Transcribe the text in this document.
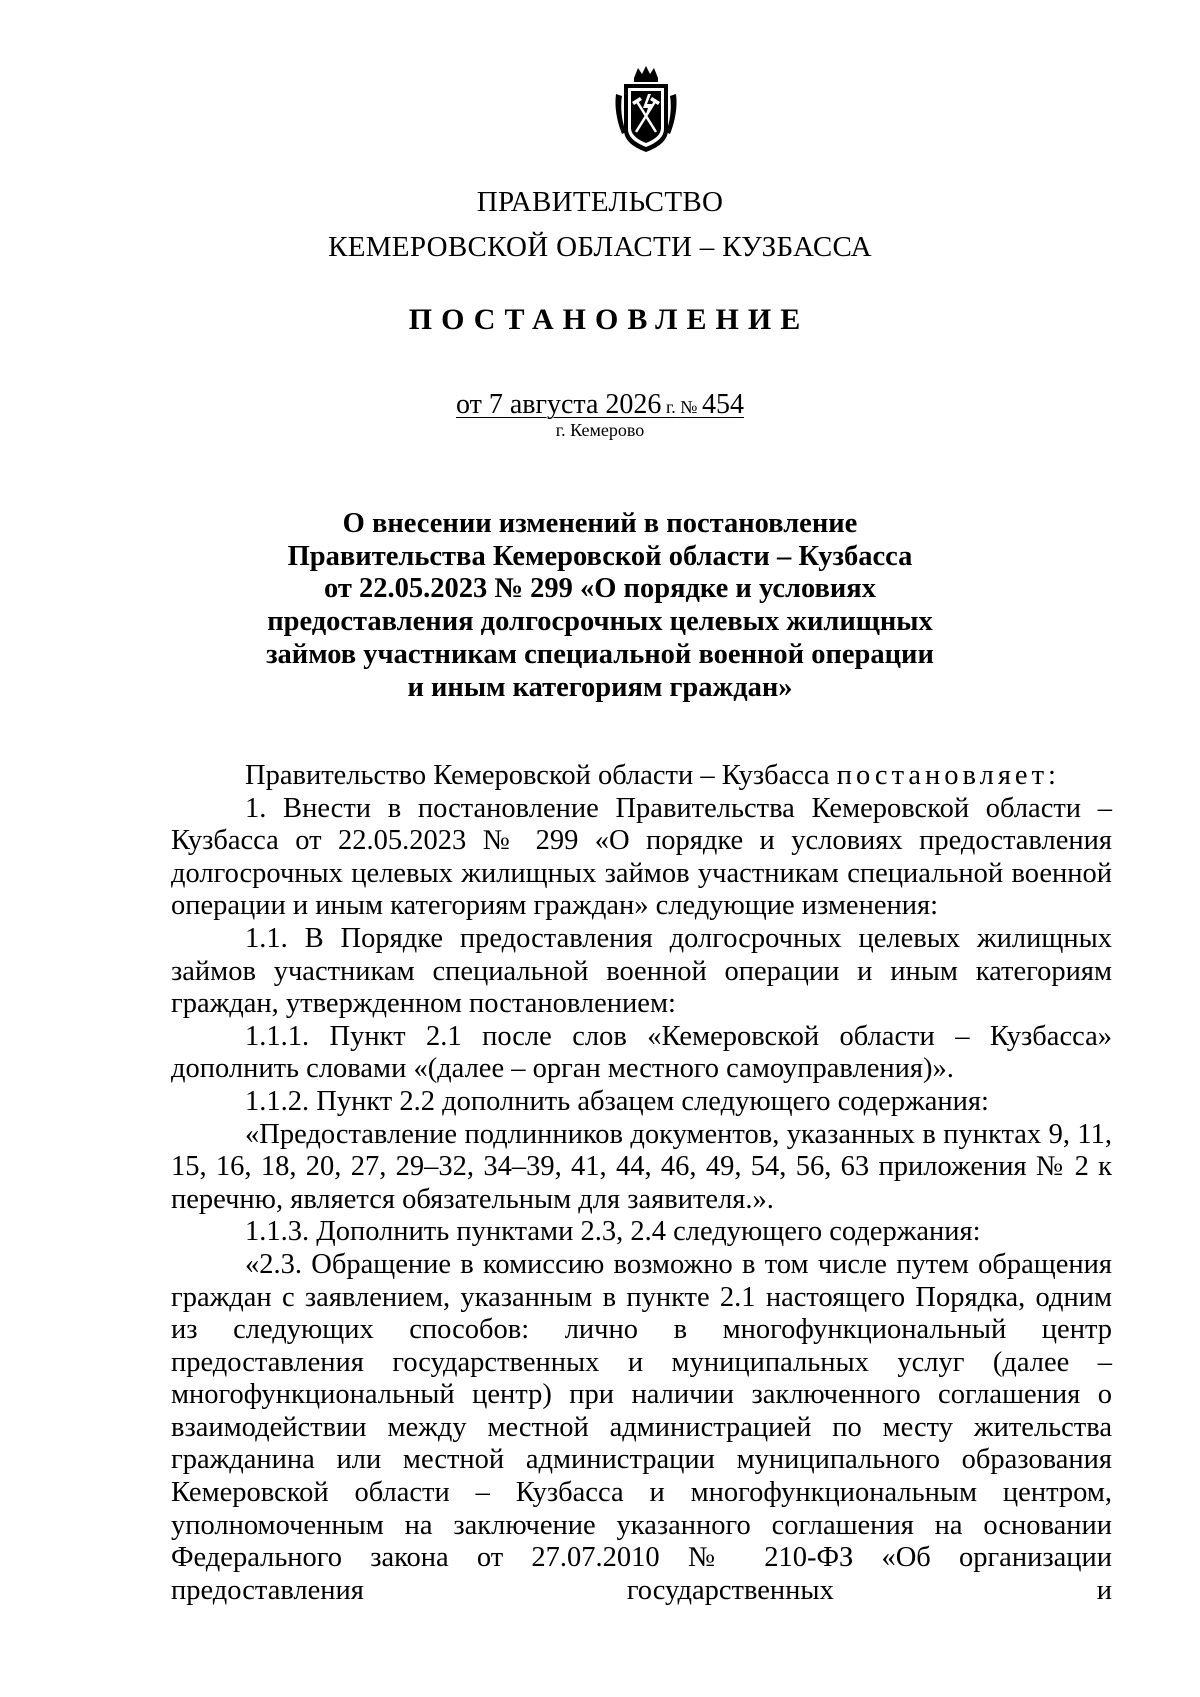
ПРАВИТЕЛЬСТВО
КЕМЕРОВСКОЙ ОБЛАСТИ – КУЗБАССА
ПОСТАНОВЛЕНИЕ
от 7 августа 2026 г. № 454
г. Кемерово
О внесении изменений в постановление
Правительства Кемеровской области – Кузбасса
от 22.05.2023 № 299 «О порядке и условиях
предоставления долгосрочных целевых жилищных
займов участникам специальной военной операции
и иным категориям граждан»

Правительство Кемеровской области – Кузбасса постановляет:

1. Внести в постановление Правительства Кемеровской области – Кузбасса от 22.05.2023 № 299 «О порядке и условиях предоставления долгосрочных целевых жилищных займов участникам специальной военной операции и иным категориям граждан» следующие изменения:

1.1. В Порядке предоставления долгосрочных целевых жилищных займов участникам специальной военной операции и иным категориям граждан, утвержденном постановлением:

1.1.1. Пункт 2.1 после слов «Кемеровской области – Кузбасса» дополнить словами «(далее – орган местного самоуправления)».

1.1.2. Пункт 2.2 дополнить абзацем следующего содержания:

«Предоставление подлинников документов, указанных в пунктах 9, 11, 15, 16, 18, 20, 27, 29–32, 34–39, 41, 44, 46, 49, 54, 56, 63 приложения № 2 к перечню, является обязательным для заявителя.».

1.1.3. Дополнить пунктами 2.3, 2.4 следующего содержания:

«2.3. Обращение в комиссию возможно в том числе путем обращения граждан с заявлением, указанным в пункте 2.1 настоящего Порядка, одним из следующих способов: лично в многофункциональный центр предоставления государственных и муниципальных услуг (далее – многофункциональный центр) при наличии заключенного соглашения о взаимодействии между местной администрацией по месту жительства гражданина или местной администрации муниципального образования Кемеровской области – Кузбасса и многофункциональным центром, уполномоченным на заключение указанного соглашения на основании Федерального закона от 27.07.2010 № 210-ФЗ «Об организации предоставления государственных и
